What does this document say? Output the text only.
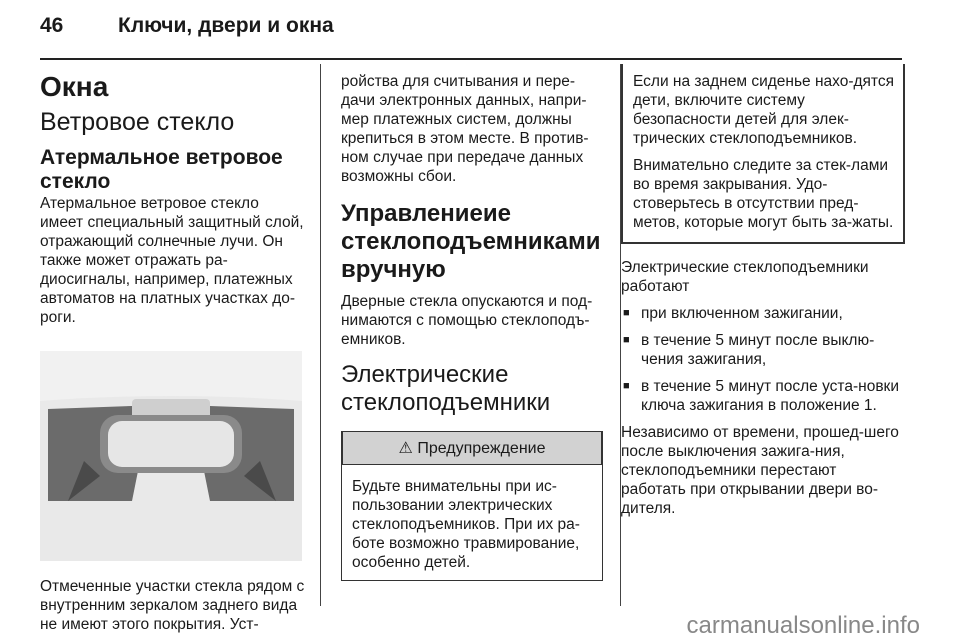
46	Ключи, двери и окна
Окна
Ветровое стекло
Атермальное ветровое стекло

Атермальное ветровое стекло имеет специальный защитный слой, отражающий солнечные лучи. Он также может отражать ра-диосигналы, например, платежных автоматов на платных участках до-роги.

Отмеченные участки стекла рядом с внутренним зеркалом заднего вида не имеют этого покрытия. Уст-

ройства для считывания и пере-дачи электронных данных, напри-мер платежных систем, должны крепиться в этом месте. В против-ном случае при передаче данных возможны сбои.

Управлениеие стеклоподъемниками вручную

Дверные стекла опускаются и под-нимаются с помощью стеклоподъ-емников.

Электрические стеклоподъемники
⚠ Предупреждение
Будьте внимательны при ис-пользовании электрических стеклоподъемников. При их ра-боте возможно травмирование, особенно детей.

Если на заднем сиденье нахо-дятся дети, включите систему безопасности детей для элек-трических стеклоподъемников.

Внимательно следите за стек-лами во время закрывания. Удо-стоверьтесь в отсутствии пред-метов, которые могут быть за-жаты.

Электрические стеклоподъемники работают

■ при включенном зажигании,
■ в течение 5 минут после выклю-чения зажигания,
■ в течение 5 минут после уста-новки ключа зажигания в положение 1.

Независимо от времени, прошед-шего после выключения зажига-ния, стеклоподъемники перестают работать при открывании двери во-дителя.

carmanualsonline.info
